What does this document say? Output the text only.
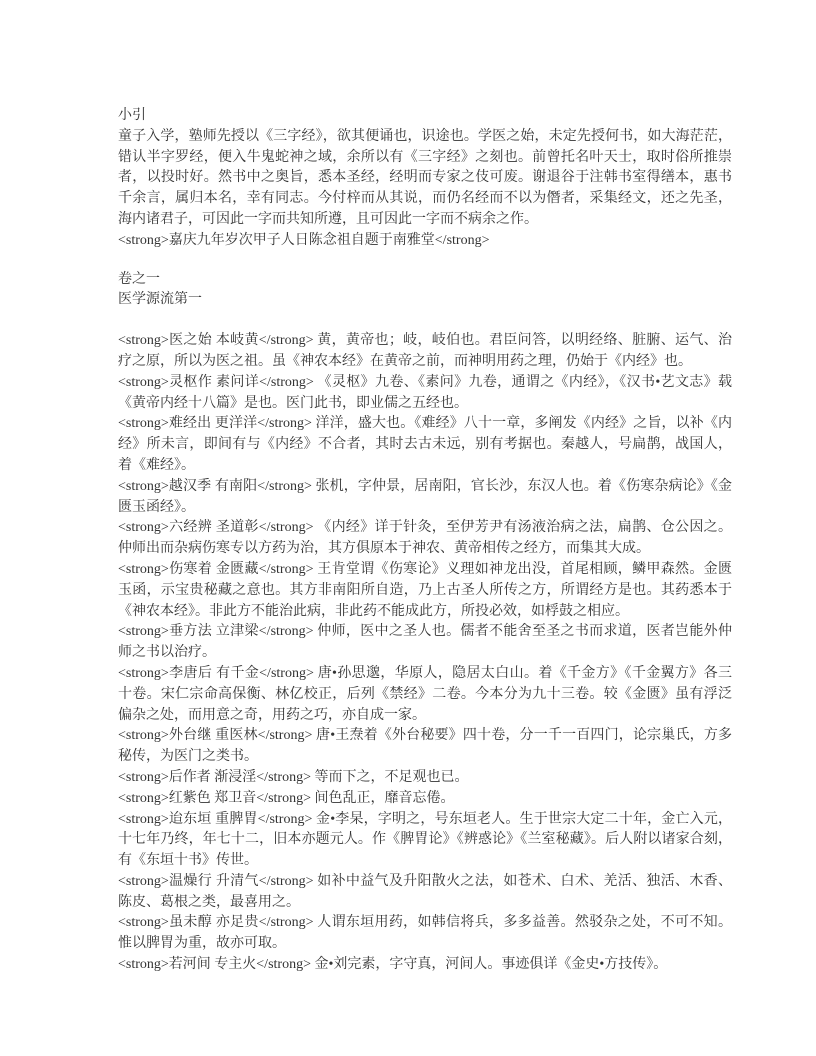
小引

童子入学，塾师先授以《三字经》，欲其便诵也，识途也。学医之始，未定先授何书，如大海茫茫，错认半字罗经，便入牛鬼蛇神之域，余所以有《三字经》之刻也。前曾托名叶天士，取时俗所推崇者，以投时好。然书中之奥旨，悉本圣经，经明而专家之伎可废。谢退谷于注韩书室得缮本，惠书千余言，属归本名，幸有同志。今付梓而从其说，而仍名经而不以为僭者，采集经文，还之先圣，海内诸君子，可因此一字而共知所遵，且可因此一字而不病余之作。

<strong>嘉庆九年岁次甲子人日陈念祖自题于南雅堂</strong>

卷之一
医学源流第一

<strong>医之始 本岐黄</strong> 黄，黄帝也；岐，岐伯也。君臣问答，以明经络、脏腑、运气、治疗之原，所以为医之祖。虽《神农本经》在黄帝之前，而神明用药之理，仍始于《内经》也。

<strong>灵枢作 素问详</strong> 《灵枢》九卷、《素问》九卷，通谓之《内经》，《汉书•艺文志》载《黄帝内经十八篇》是也。医门此书，即业儒之五经也。

<strong>难经出 更洋洋</strong> 洋洋，盛大也。《难经》八十一章，多阐发《内经》之旨，以补《内经》所未言，即间有与《内经》不合者，其时去古未远，别有考据也。秦越人，号扁鹊，战国人，着《难经》。

<strong>越汉季 有南阳</strong> 张机，字仲景，居南阳，官长沙，东汉人也。着《伤寒杂病论》《金匮玉函经》。

<strong>六经辨 圣道彰</strong> 《内经》详于针灸，至伊芳尹有汤液治病之法，扁鹊、仓公因之。仲师出而杂病伤寒专以方药为治，其方俱原本于神农、黄帝相传之经方，而集其大成。

<strong>伤寒着 金匮藏</strong> 王肯堂谓《伤寒论》义理如神龙出没，首尾相顾，鳞甲森然。金匮玉函，示宝贵秘藏之意也。其方非南阳所自造，乃上古圣人所传之方，所谓经方是也。其药悉本于《神农本经》。非此方不能治此病，非此药不能成此方，所投必效，如桴鼓之相应。

<strong>垂方法 立津梁</strong> 仲师，医中之圣人也。儒者不能舍至圣之书而求道，医者岂能外仲师之书以治疗。

<strong>李唐后 有千金</strong> 唐•孙思邈，华原人，隐居太白山。着《千金方》《千金翼方》各三十卷。宋仁宗命高保衡、林亿校正，后列《禁经》二卷。今本分为九十三卷。较《金匮》虽有浮泛偏杂之处，而用意之奇，用药之巧，亦自成一家。

<strong>外台继 重医林</strong> 唐•王焘着《外台秘要》四十卷，分一千一百四门，论宗巢氏，方多秘传，为医门之类书。

<strong>后作者 渐浸淫</strong> 等而下之，不足观也已。

<strong>红紫色 郑卫音</strong> 间色乱正，靡音忘倦。

<strong>迨东垣 重脾胃</strong> 金•李杲，字明之，号东垣老人。生于世宗大定二十年，金亡入元，十七年乃终，年七十二，旧本亦题元人。作《脾胃论》《辨惑论》《兰室秘藏》。后人附以诸家合刻，有《东垣十书》传世。

<strong>温燥行 升清气</strong> 如补中益气及升阳散火之法，如苍术、白术、羌活、独活、木香、陈皮、葛根之类，最喜用之。

<strong>虽未醇 亦足贵</strong> 人谓东垣用药，如韩信将兵，多多益善。然驳杂之处，不可不知。惟以脾胃为重，故亦可取。

<strong>若河间 专主火</strong> 金•刘完素，字守真，河间人。事迹俱详《金史•方技传》。
